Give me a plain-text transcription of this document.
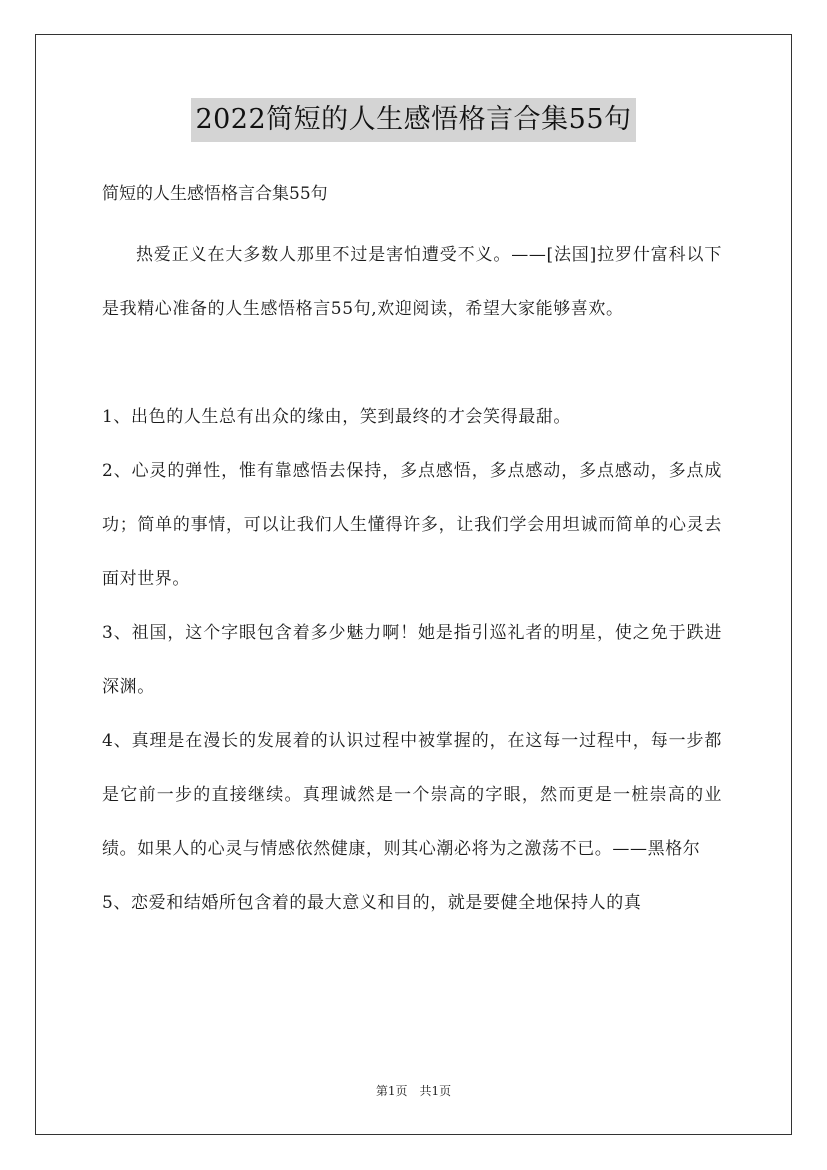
2022简短的人生感悟格言合集55句

简短的人生感悟格言合集55句

热爱正义在大多数人那里不过是害怕遭受不义。——[法国]拉罗什富科以下是我精心准备的人生感悟格言55句,欢迎阅读，希望大家能够喜欢。

1、出色的人生总有出众的缘由，笑到最终的才会笑得最甜。

2、心灵的弹性，惟有靠感悟去保持，多点感悟，多点感动，多点感动，多点成功；简单的事情，可以让我们人生懂得许多，让我们学会用坦诚而简单的心灵去面对世界。

3、祖国，这个字眼包含着多少魅力啊！她是指引巡礼者的明星，使之免于跌进深渊。

4、真理是在漫长的发展着的认识过程中被掌握的，在这每一过程中，每一步都是它前一步的直接继续。真理诚然是一个崇高的字眼，然而更是一桩崇高的业绩。如果人的心灵与情感依然健康，则其心潮必将为之激荡不已。——黑格尔

5、恋爱和结婚所包含着的最大意义和目的，就是要健全地保持人的真

第1页　共1页
